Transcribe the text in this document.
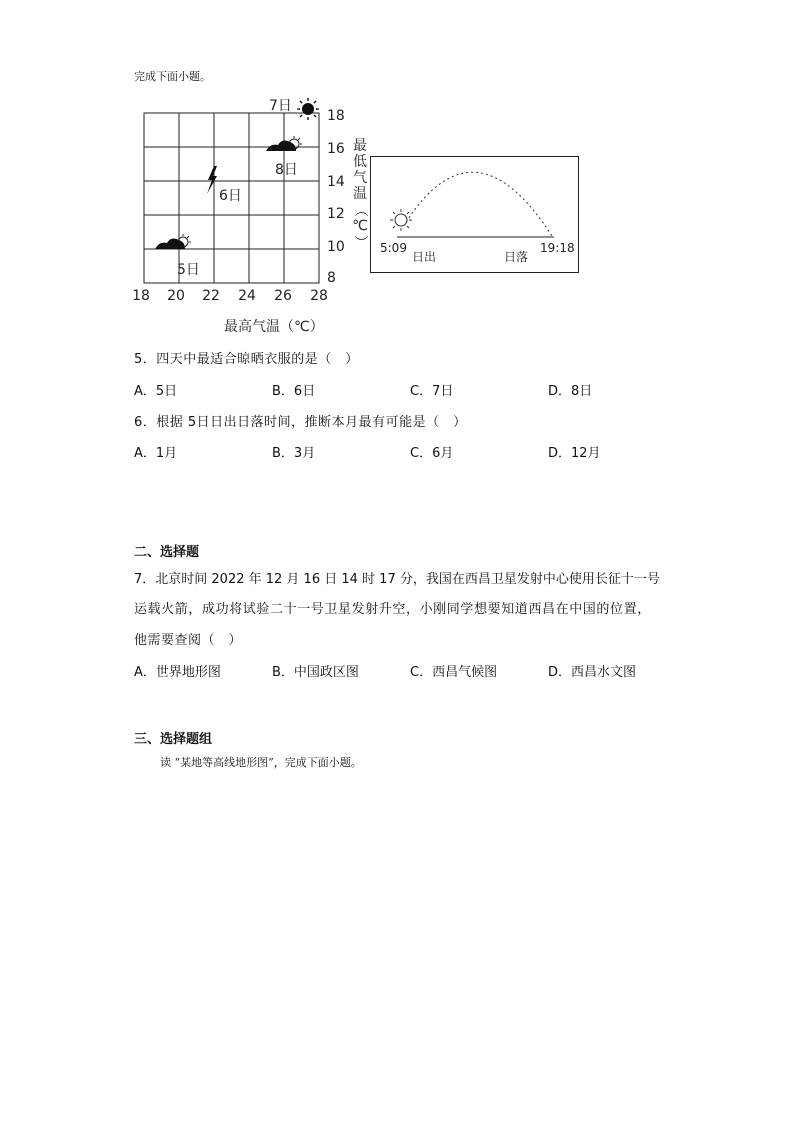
完成下面小题。
18 20 22 24 26 28
18
16
14
12
10
8
最高气温（℃）
5日
6日
7日
8日
最
低
气
温
（
℃
） 5:09
日出	日落
19:18
5．四天中最适合晾晒衣服的是（　）
A．5日	B．6日	C．7日	D．8日
6．根据 5日日出日落时间，推断本月最有可能是（　）
A．1月	B．3月	C．6月	D．12月
二、选择题
7．北京时间 2022 年 12 月 16 日 14 时 17 分，我国在西昌卫星发射中心使用长征十一号
运载火箭，成功将试验二十一号卫星发射升空，小刚同学想要知道西昌在中国的位置，
他需要查阅（　）
A．世界地形图	B．中国政区图	C．西昌气候图	D．西昌水文图
三、选择题组
读 “某地等高线地形图”，完成下面小题。
